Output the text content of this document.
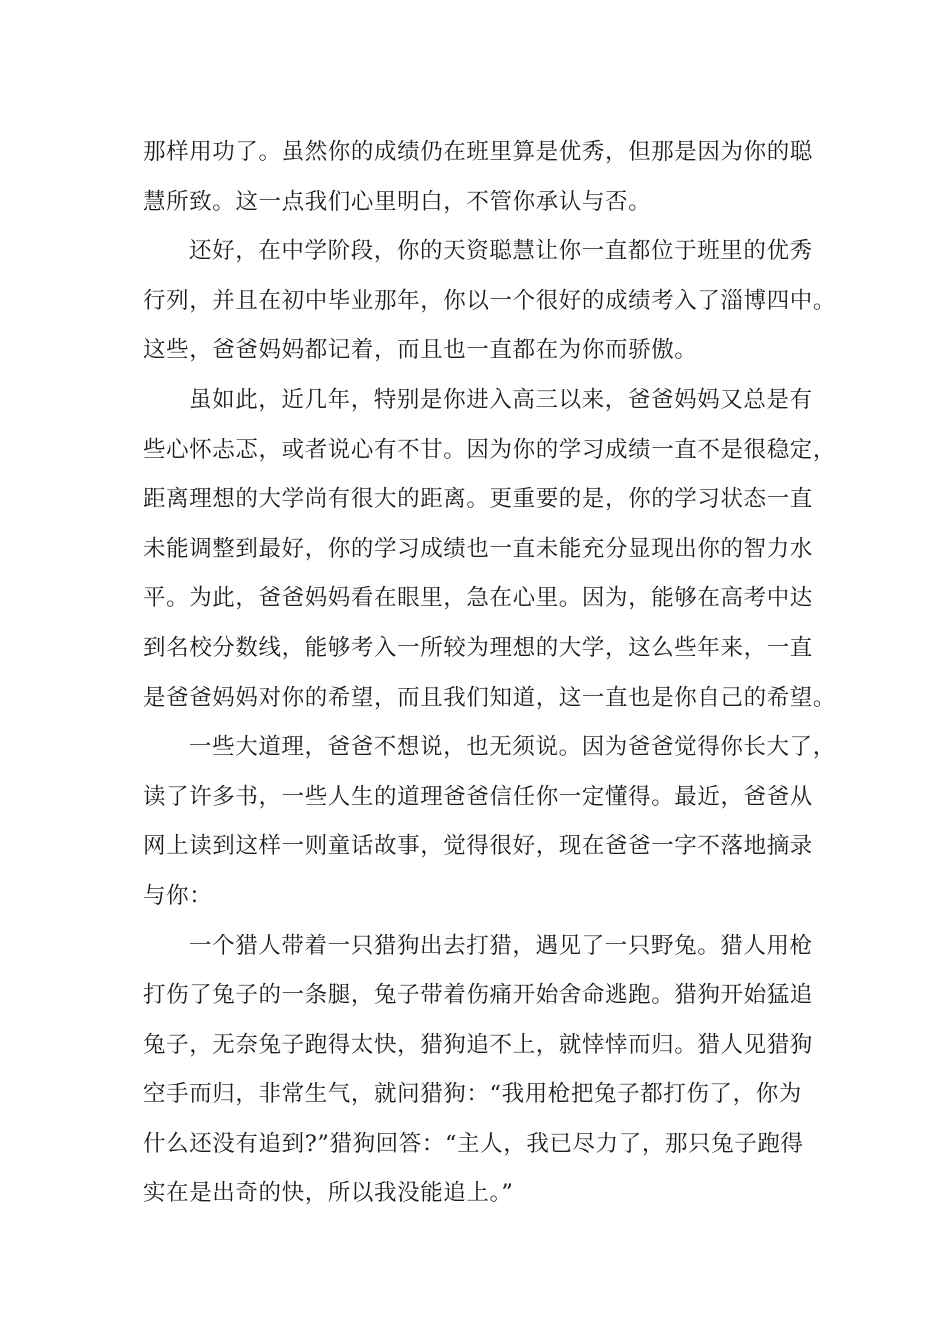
那样用功了。虽然你的成绩仍在班里算是优秀，但那是因为你的聪
慧所致。这一点我们心里明白，不管你承认与否。
还好，在中学阶段，你的天资聪慧让你一直都位于班里的优秀
行列，并且在初中毕业那年，你以一个很好的成绩考入了淄博四中。
这些，爸爸妈妈都记着，而且也一直都在为你而骄傲。
虽如此，近几年，特别是你进入高三以来，爸爸妈妈又总是有
些心怀忐忑，或者说心有不甘。因为你的学习成绩一直不是很稳定，
距离理想的大学尚有很大的距离。更重要的是，你的学习状态一直
未能调整到最好，你的学习成绩也一直未能充分显现出你的智力水
平。为此，爸爸妈妈看在眼里，急在心里。因为，能够在高考中达
到名校分数线，能够考入一所较为理想的大学，这么些年来，一直
是爸爸妈妈对你的希望，而且我们知道，这一直也是你自己的希望。
一些大道理，爸爸不想说，也无须说。因为爸爸觉得你长大了，
读了许多书，一些人生的道理爸爸信任你一定懂得。最近，爸爸从
网上读到这样一则童话故事，觉得很好，现在爸爸一字不落地摘录
与你：
一个猎人带着一只猎狗出去打猎，遇见了一只野兔。猎人用枪
打伤了兔子的一条腿，兔子带着伤痛开始舍命逃跑。猎狗开始猛追
兔子，无奈兔子跑得太快，猎狗追不上，就悻悻而归。猎人见猎狗
空手而归，非常生气，就问猎狗：“我用枪把兔子都打伤了，你为
什么还没有追到?”猎狗回答：“主人，我已尽力了，那只兔子跑得
实在是出奇的快，所以我没能追上。”
